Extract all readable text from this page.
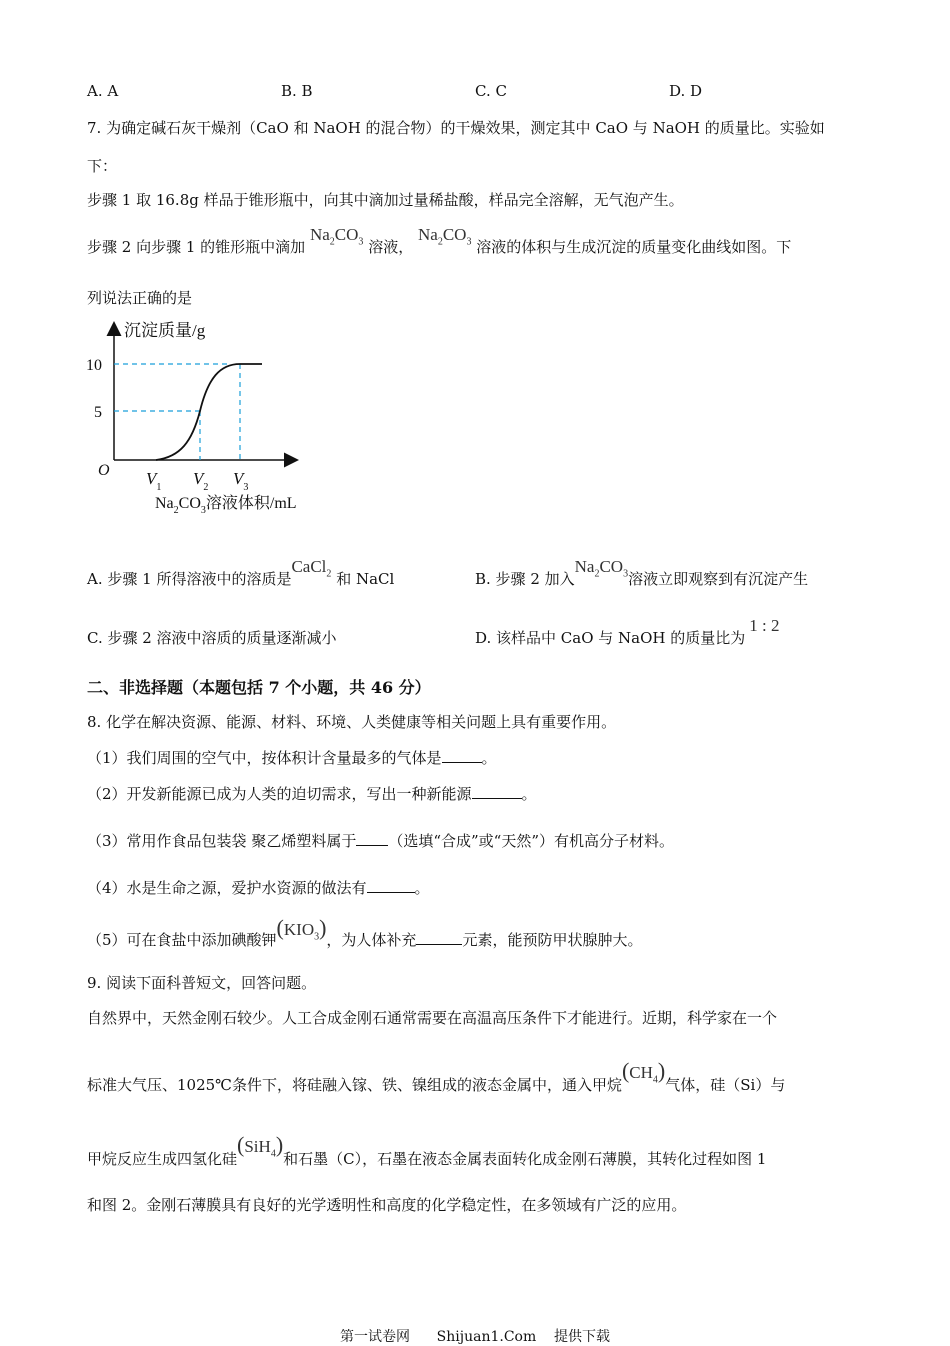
A. A	B. B	C. C	D. D
7. 为确定碱石灰干燥剂（CaO 和 NaOH 的混合物）的干燥效果，测定其中 CaO 与 NaOH 的质量比。实验如
下：
步骤 1 取 16.8g 样品于锥形瓶中，向其中滴加过量稀盐酸，样品完全溶解，无气泡产生。
步骤 2 向步骤 1 的锥形瓶中滴加 $Na_2CO_3$ 溶液， $Na_2CO_3$ 溶液的体积与生成沉淀的质量变化曲线如图。下
列说法正确的是
沉淀质量/g
O
10
5
$V_1$ $V_2$ $V_3$
$Na_2CO_3$溶液体积/mL
A. 步骤 1 所得溶液中的溶质是CaCl$_2$ 和 NaCl	B. 步骤 2 加入$Na_2CO_3$溶液立即观察到有沉淀产生
C. 步骤 2 溶液中溶质的质量逐渐减小	D. 该样品中 CaO 与 NaOH 的质量比为1 : 2
二、非选择题（本题包括 7 个小题，共 46 分）
8. 化学在解决资源、能源、材料、环境、人类健康等相关问题上具有重要作用。
（1）我们周围的空气中，按体积计含量最多的气体是	。
（2）开发新能源已成为人类的迫切需求，写出一种新能源	。
（3）常用作食品包装袋 聚乙烯塑料属于 （选填“合成”或“天然”）有机高分子材料。
（4）水是生命之源，爱护水资源的做法有	。
（5）可在食盐中添加碘酸钾$(KIO_3)$，为人体补充	元素，能预防甲状腺肿大。
9. 阅读下面科普短文，回答问题。
自然界中，天然金刚石较少。人工合成金刚石通常需要在高温高压条件下才能进行。近期，科学家在一个
标准大气压、1025℃条件下，将硅融入镓、铁、镍组成的液态金属中，通入甲烷$(CH_4)$气体，硅（Si）与
甲烷反应生成四氢化硅(SiH$_4$)和石墨（C），石墨在液态金属表面转化成金刚石薄膜，其转化过程如图 1
和图 2。金刚石薄膜具有良好的光学透明性和高度的化学稳定性，在多领域有广泛的应用。
第一试卷网      Shijuan1.Com    提供下载
